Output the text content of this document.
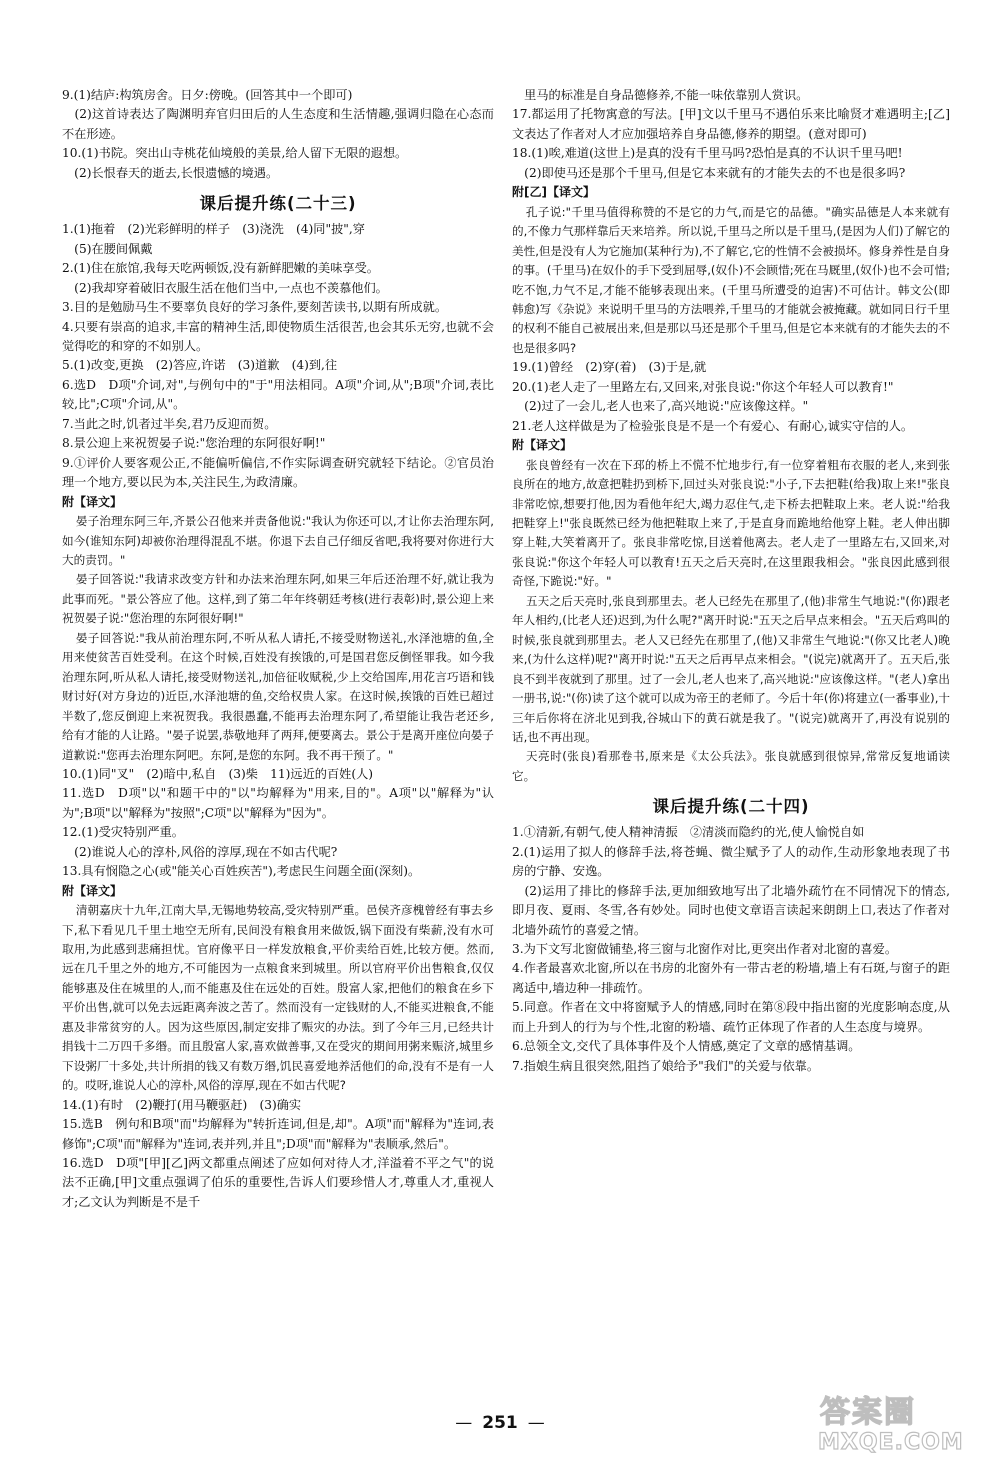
9.(1)结庐:构筑房舍。日夕:傍晚。(回答其中一个即可)

　(2)这首诗表达了陶渊明弃官归田后的人生态度和生活情趣,强调归隐在心态而不在形迹。

10.(1)书院。突出山寺桃花仙境般的美景,给人留下无限的遐想。

　(2)长恨春天的逝去,长恨遗憾的境遇。

课后提升练(二十三)

1.(1)拖着　(2)光彩鲜明的样子　(3)浇洗　(4)同"披",穿

　(5)在腰间佩戴

2.(1)住在旅馆,我每天吃两顿饭,没有新鲜肥嫩的美味享受。

　(2)我却穿着破旧衣服生活在他们当中,一点也不羡慕他们。

3.目的是勉励马生不要辜负良好的学习条件,要刻苦读书,以期有所成就。

4.只要有崇高的追求,丰富的精神生活,即使物质生活很苦,也会其乐无穷,也就不会觉得吃的和穿的不如别人。

5.(1)改变,更换　(2)答应,许诺　(3)道歉　(4)到,往

6.选D　D项"介词,对",与例句中的"于"用法相同。A项"介词,从";B项"介词,表比较,比";C项"介词,从"。

7.当此之时,饥者过半矣,君乃反迎而贺。

8.景公迎上来祝贺晏子说:"您治理的东阿很好啊!"

9.①评价人要客观公正,不能偏听偏信,不作实际调查研究就轻下结论。②官员治理一个地方,要以民为本,关注民生,为政清廉。

附【译文】

晏子治理东阿三年,齐景公召他来并责备他说:"我认为你还可以,才让你去治理东阿,如今(谁知东阿)却被你治理得混乱不堪。你退下去自己仔细反省吧,我将要对你进行大大的责罚。"

晏子回答说:"我请求改变方针和办法来治理东阿,如果三年后还治理不好,就让我为此事而死。"景公答应了他。这样,到了第二年年终朝廷考核(进行表彰)时,景公迎上来祝贺晏子说:"您治理的东阿很好啊!"

晏子回答说:"我从前治理东阿,不听从私人请托,不接受财物送礼,水泽池塘的鱼,全用来使贫苦百姓受利。在这个时候,百姓没有挨饿的,可是国君您反倒怪罪我。如今我治理东阿,听从私人请托,接受财物送礼,加倍征收赋税,少上交给国库,用花言巧语和钱财讨好(对方身边的)近臣,水泽池塘的鱼,交给权贵人家。在这时候,挨饿的百姓已超过半数了,您反倒迎上来祝贺我。我很愚蠢,不能再去治理东阿了,希望能让我告老还乡,给有才能的人让路。"晏子说罢,恭敬地拜了两拜,便要离去。景公于是离开座位向晏子道歉说:"您再去治理东阿吧。东阿,是您的东阿。我不再干预了。"

10.(1)同"叉"　(2)暗中,私自　(3)柴　11)远近的百姓(人)

11.选D　D项"以"和题干中的"以"均解释为"用来,目的"。A项"以"解释为"认为";B项"以"解释为"按照";C项"以"解释为"因为"。

12.(1)受灾特别严重。

　(2)谁说人心的淳朴,风俗的淳厚,现在不如古代呢?

13.具有悯隐之心(或"能关心百姓疾苦"),考虑民生问题全面(深刻)。

附【译文】

清朝嘉庆十九年,江南大旱,无锡地势较高,受灾特别严重。邑侯齐彦槐曾经有事去乡下,私下看见几千里土地空无所有,民间没有粮食用来做饭,锅下面没有柴薪,没有水可取用,为此感到悲痛担忧。官府像平日一样发放粮食,平价卖给百姓,比较方便。然而,远在几千里之外的地方,不可能因为一点粮食来到城里。所以官府平价出售粮食,仅仅能够惠及住在城里的人,而不能惠及住在远处的百姓。殷富人家,把他们的粮食在乡下平价出售,就可以免去远距离奔波之苦了。然而没有一定钱财的人,不能买进粮食,不能惠及非常贫穷的人。因为这些原因,制定安排了赈灾的办法。到了今年三月,已经共计捐钱十二万四千多缗。而且殷富人家,喜欢做善事,又在受灾的期间用粥来赈济,城里乡下设粥厂十多处,共计所捐的钱又有数万缗,饥民喜爱地养活他们的命,没有不是有一人的。哎呀,谁说人心的淳朴,风俗的淳厚,现在不如古代呢?

14.(1)有时　(2)鞭打(用马鞭驱赶)　(3)确实

15.选B　例句和B项"而"均解释为"转折连词,但是,却"。A项"而"解释为"连词,表修饰";C项"而"解释为"连词,表并列,并且";D项"而"解释为"表顺承,然后"。

16.选D　D项"[甲][乙]两文都重点阐述了应如何对待人才,洋溢着不平之气"的说法不正确,[甲]文重点强调了伯乐的重要性,告诉人们要珍惜人才,尊重人才,重视人才;乙文认为判断是不是千

　里马的标准是自身品德修养,不能一味依靠别人赏识。

17.都运用了托物寓意的写法。[甲]文以千里马不遇伯乐来比喻贤才难遇明主;[乙]文表达了作者对人才应加强培养自身品德,修养的期望。(意对即可)

18.(1)唉,难道(这世上)是真的没有千里马吗?恐怕是真的不认识千里马吧!

　(2)即使马还是那个千里马,但是它本来就有的才能失去的不也是很多吗?

附[乙]【译文】

孔子说:"千里马值得称赞的不是它的力气,而是它的品德。"确实品德是人本来就有的,不像力气那样靠后天来培养。所以说,千里马之所以是千里马,(是因为人们)了解它的美性,但是没有人为它施加(某种行为),不了解它,它的性情不会被损坏。修身养性是自身的事。(千里马)在奴仆的手下受到屈辱,(奴仆)不会顾惜;死在马厩里,(奴仆)也不会可惜;吃不饱,力气不足,才能不能够表现出来。(千里马所遭受的迫害)不可估计。韩文公(即韩愈)写《杂说》来说明千里马的方法喂养,千里马的才能就会被掩藏。就如同日行千里的权利不能自己被展出来,但是那以马还是那个千里马,但是它本来就有的才能失去的不也是很多吗?

19.(1)曾经　(2)穿(着)　(3)于是,就

20.(1)老人走了一里路左右,又回来,对张良说:"你这个年轻人可以教育!"

　(2)过了一会儿,老人也来了,高兴地说:"应该像这样。"

21.老人这样做是为了检验张良是不是一个有爱心、有耐心,诚实守信的人。

附【译文】

张良曾经有一次在下邳的桥上不慌不忙地步行,有一位穿着粗布衣服的老人,来到张良所在的地方,故意把鞋扔到桥下,回过头对张良说:"小子,下去把鞋(给我)取上来!"张良非常吃惊,想要打他,因为看他年纪大,竭力忍住气,走下桥去把鞋取上来。老人说:"给我把鞋穿上!"张良既然已经为他把鞋取上来了,于是直身而跪地给他穿上鞋。老人伸出脚穿上鞋,大笑着离开了。张良非常吃惊,目送着他离去。老人走了一里路左右,又回来,对张良说:"你这个年轻人可以教育!五天之后天亮时,在这里跟我相会。"张良因此感到很奇怪,下跪说:"好。"

五天之后天亮时,张良到那里去。老人已经先在那里了,(他)非常生气地说:"(你)跟老年人相约,(比老人还)迟到,为什么呢?"离开时说:"五天之后早点来相会。"五天后鸡叫的时候,张良就到那里去。老人又已经先在那里了,(他)又非常生气地说:"(你又比老人)晚来,(为什么这样)呢?"离开时说:"五天之后再早点来相会。"(说完)就离开了。五天后,张良不到半夜就到了那里。过了一会儿,老人也来了,高兴地说:"应该像这样。"(老人)拿出一册书,说:"(你)读了这个就可以成为帝王的老师了。今后十年(你)将建立(一番事业),十三年后你将在济北见到我,谷城山下的黄石就是我了。"(说完)就离开了,再没有说别的话,也不再出现。

天亮时(张良)看那卷书,原来是《太公兵法》。张良就感到很惊异,常常反复地诵读它。

课后提升练(二十四)

1.①清新,有朝气,使人精神清振　②清淡而隐约的光,使人愉悦自如

2.(1)运用了拟人的修辞手法,将苍蝇、微尘赋予了人的动作,生动形象地表现了书房的宁静、安逸。

　(2)运用了排比的修辞手法,更加细致地写出了北墙外疏竹在不同情况下的情态,即月夜、夏雨、冬雪,各有妙处。同时也使文章语言读起来朗朗上口,表达了作者对北墙外疏竹的喜爱之情。

3.为下文写北窗做铺垫,将三窗与北窗作对比,更突出作者对北窗的喜爱。

4.作者最喜欢北窗,所以在书房的北窗外有一带古老的粉墙,墙上有石斑,与窗子的距离适中,墙边种一排疏竹。

5.同意。作者在文中将窗赋予人的情感,同时在第⑧段中指出窗的光度影响态度,从而上升到人的行为与个性,北窗的粉墙、疏竹正体现了作者的人生态度与境界。

6.总领全文,交代了具体事件及个人情感,奠定了文章的感情基调。

7.指娘生病且很突然,阻挡了娘给予"我们"的关爱与依靠。

— 251 —	答案圈
MXQE.COM
